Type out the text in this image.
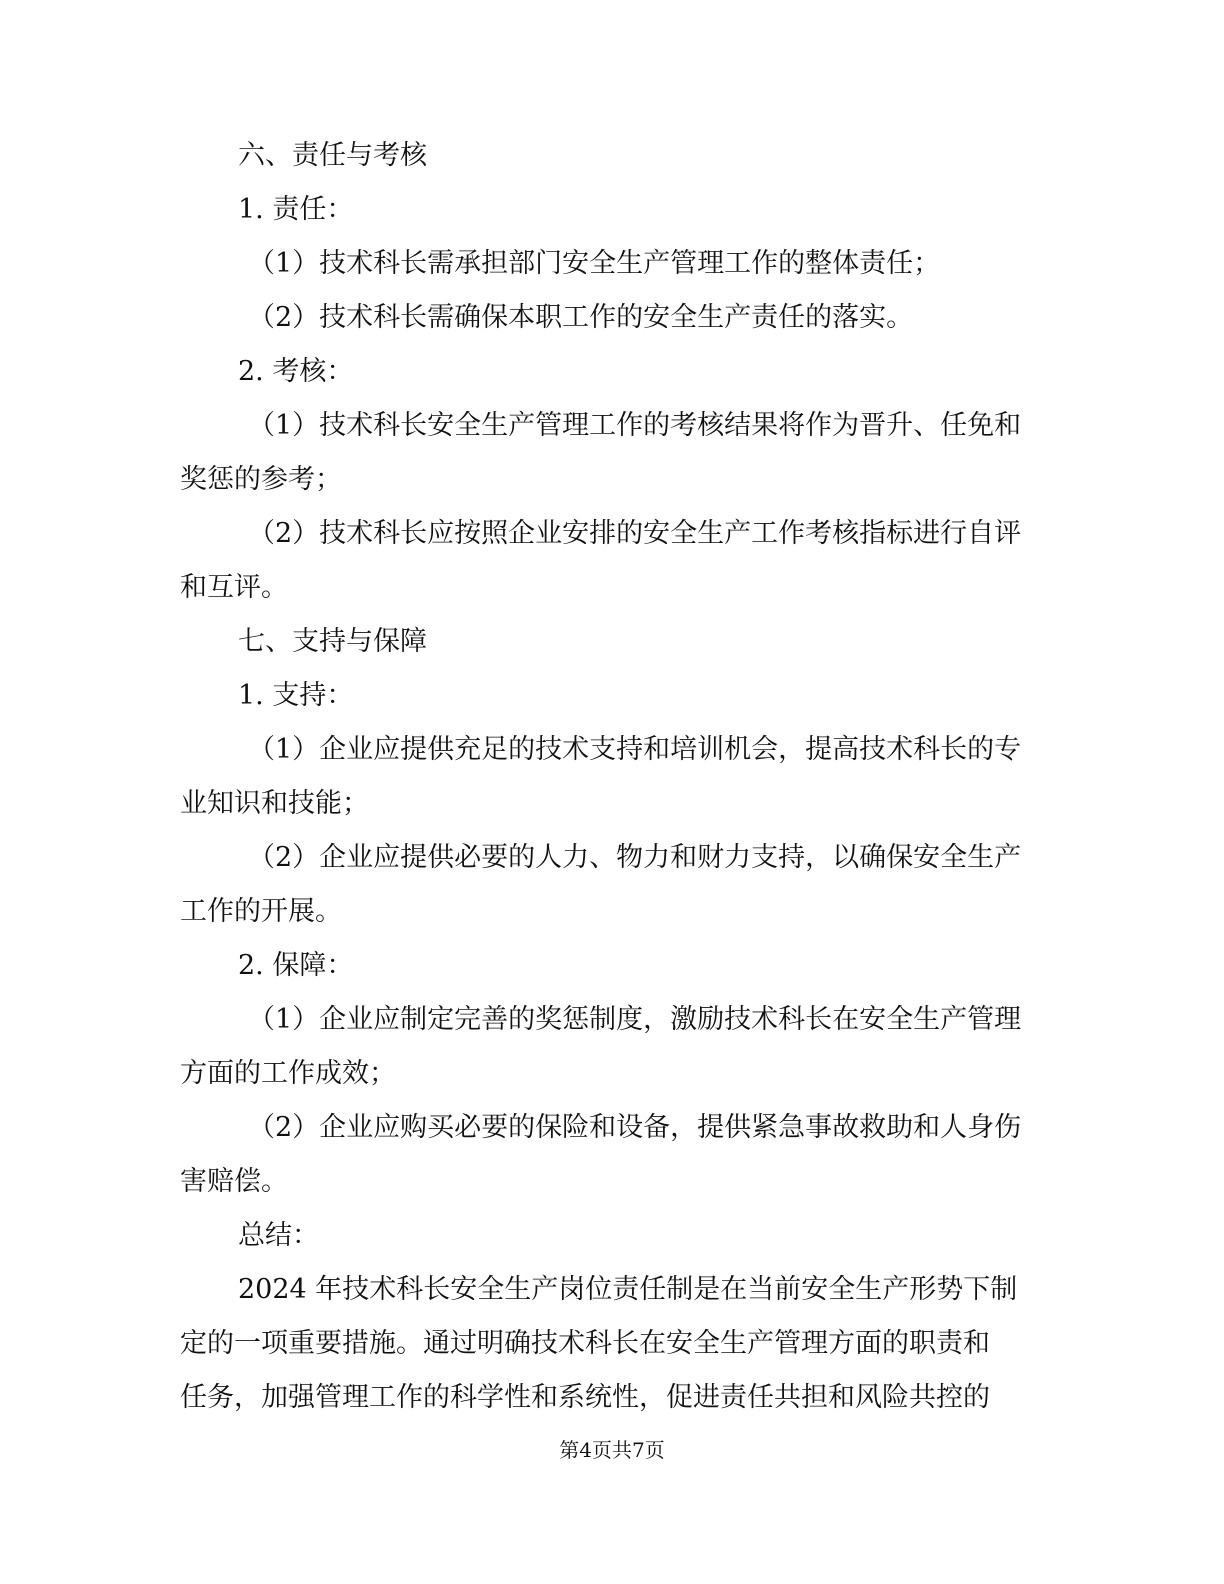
六、责任与考核
1. 责任：
（1）技术科长需承担部门安全生产管理工作的整体责任；
（2）技术科长需确保本职工作的安全生产责任的落实。
2. 考核：
（1）技术科长安全生产管理工作的考核结果将作为晋升、任免和
奖惩的参考；
（2）技术科长应按照企业安排的安全生产工作考核指标进行自评
和互评。
七、支持与保障
1. 支持：
（1）企业应提供充足的技术支持和培训机会，提高技术科长的专
业知识和技能；
（2）企业应提供必要的人力、物力和财力支持，以确保安全生产
工作的开展。
2. 保障：
（1）企业应制定完善的奖惩制度，激励技术科长在安全生产管理
方面的工作成效；
（2）企业应购买必要的保险和设备，提供紧急事故救助和人身伤
害赔偿。
总结：
2024 年技术科长安全生产岗位责任制是在当前安全生产形势下制
定的一项重要措施。通过明确技术科长在安全生产管理方面的职责和
任务，加强管理工作的科学性和系统性，促进责任共担和风险共控的
第4页共7页
